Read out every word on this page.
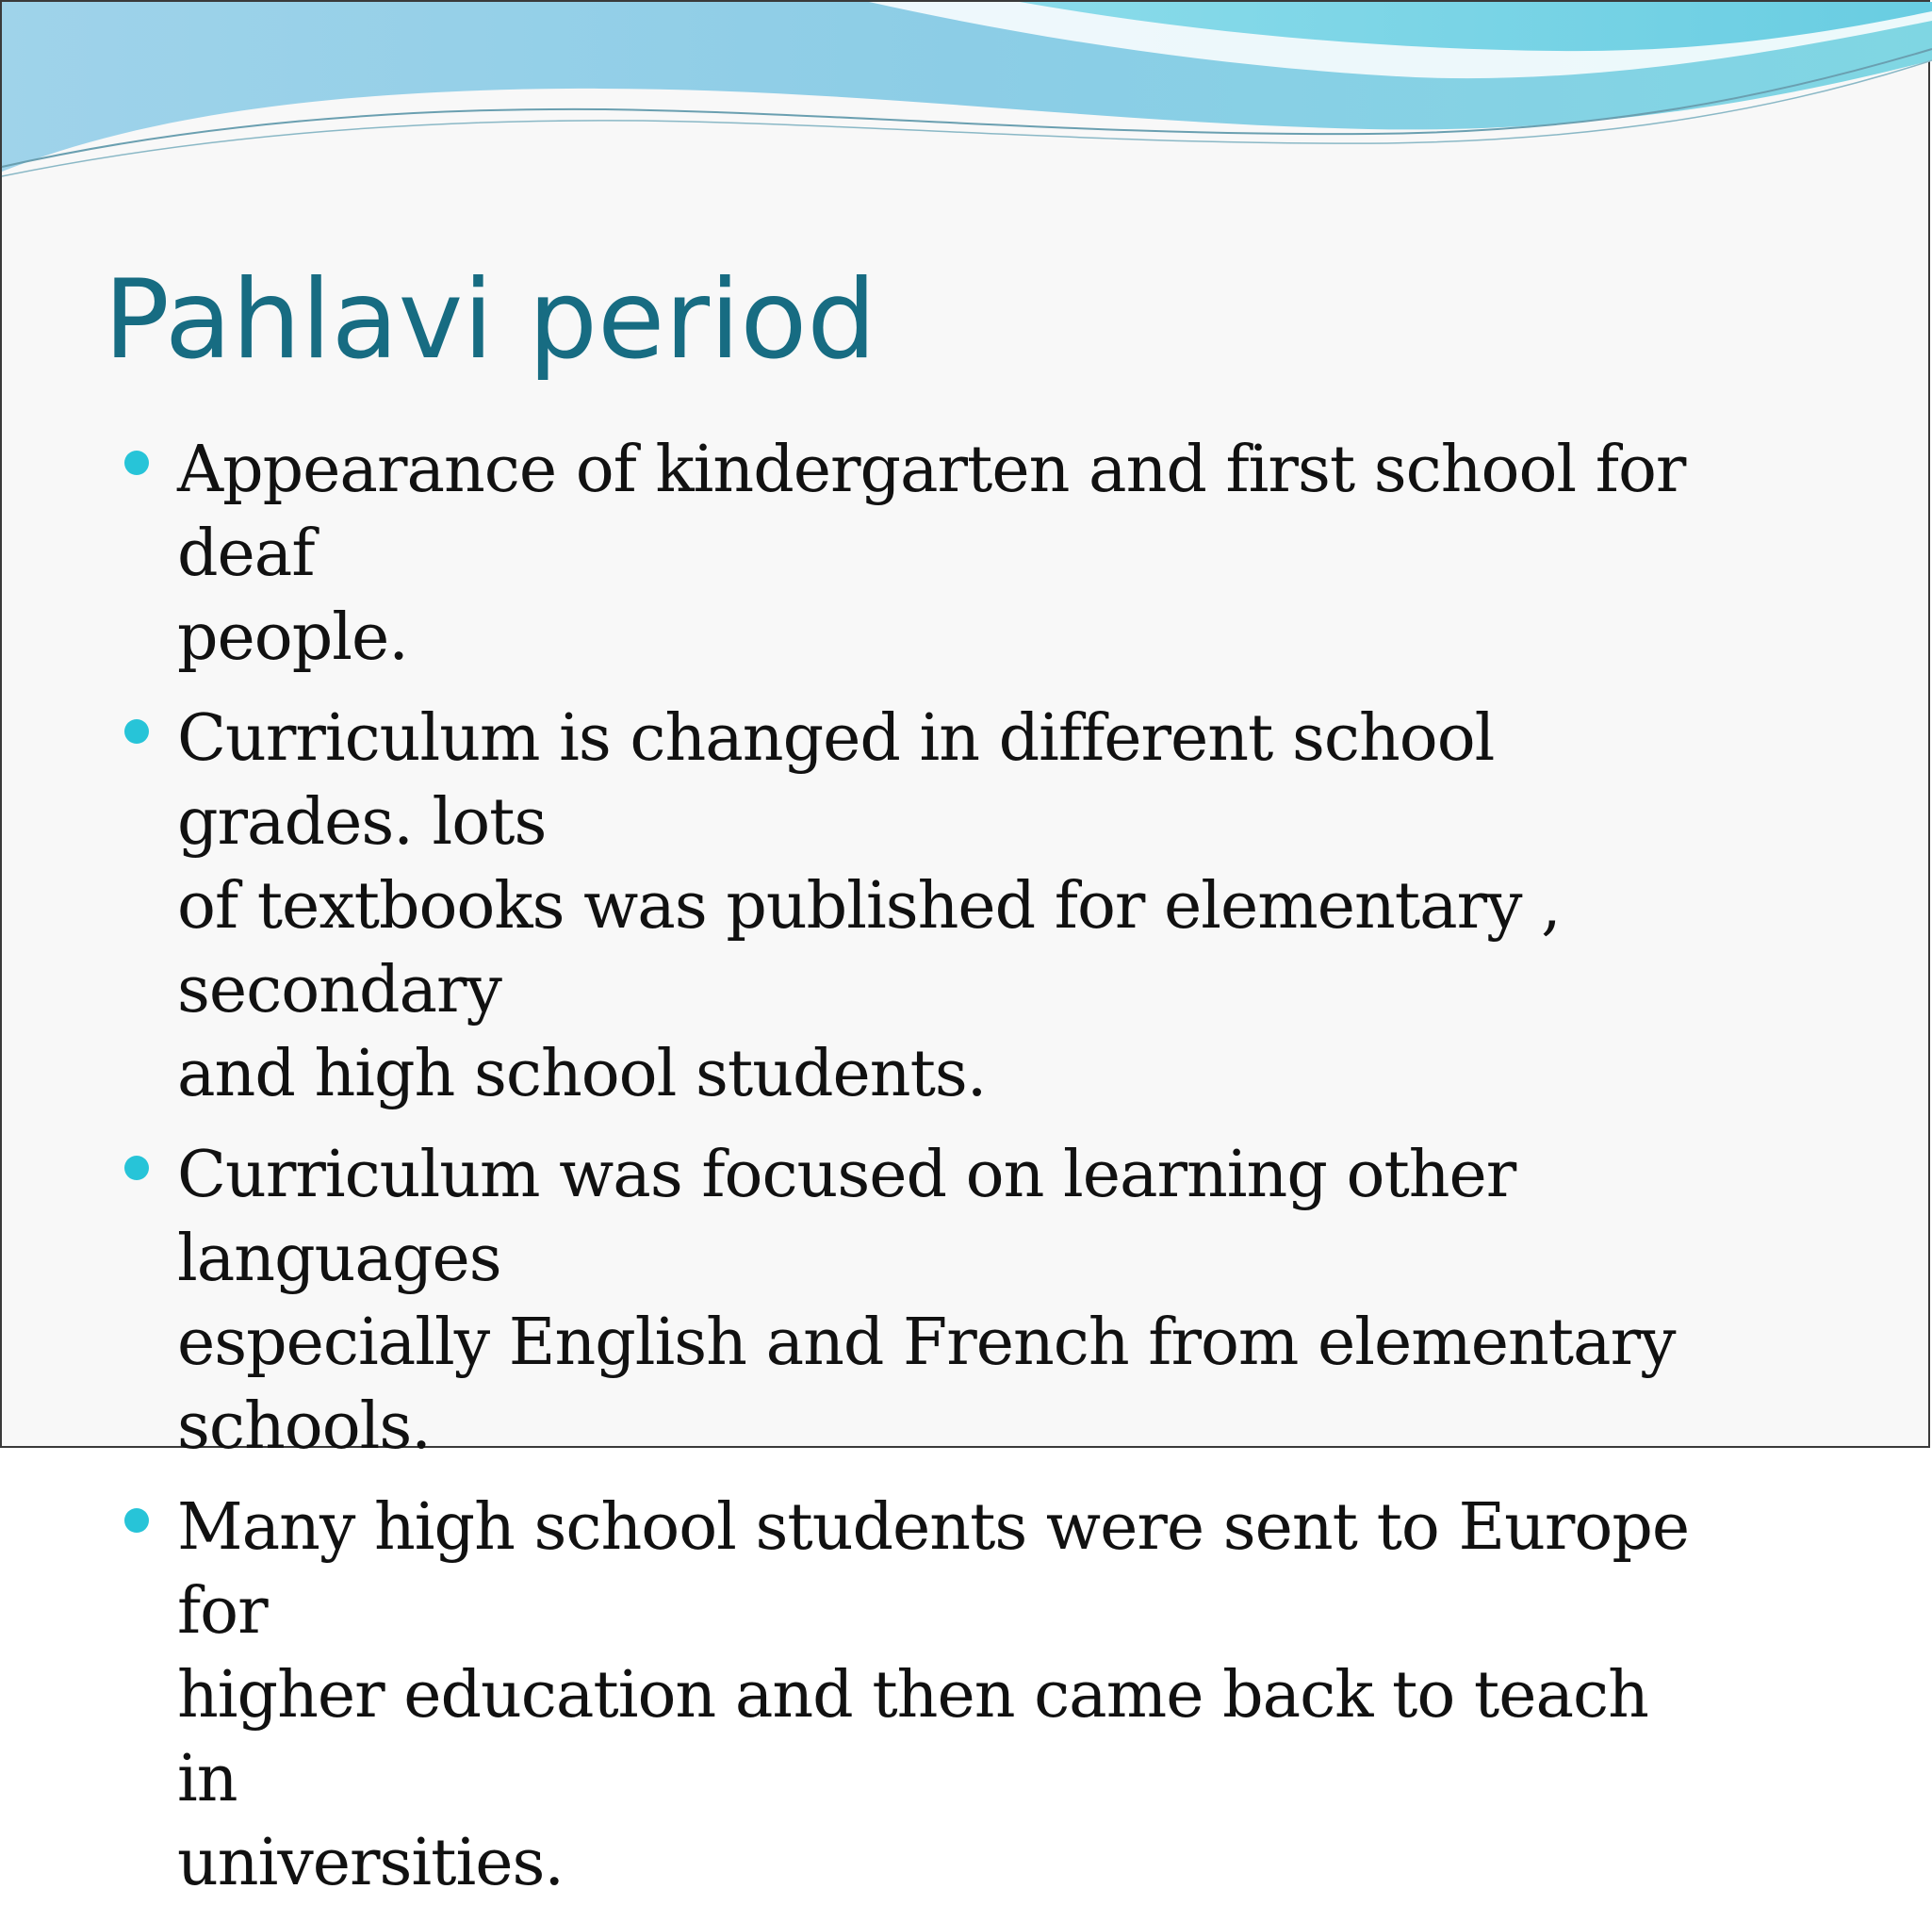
Pahlavi period
Appearance of kindergarten and first school for deaf
people.
Curriculum is changed in different school grades. lots
of textbooks was published for elementary , secondary
and high school students.
Curriculum was focused on learning other languages
especially English and French from elementary
schools.
Many high school students were sent to Europe for
higher education and then came back to teach in
universities.
